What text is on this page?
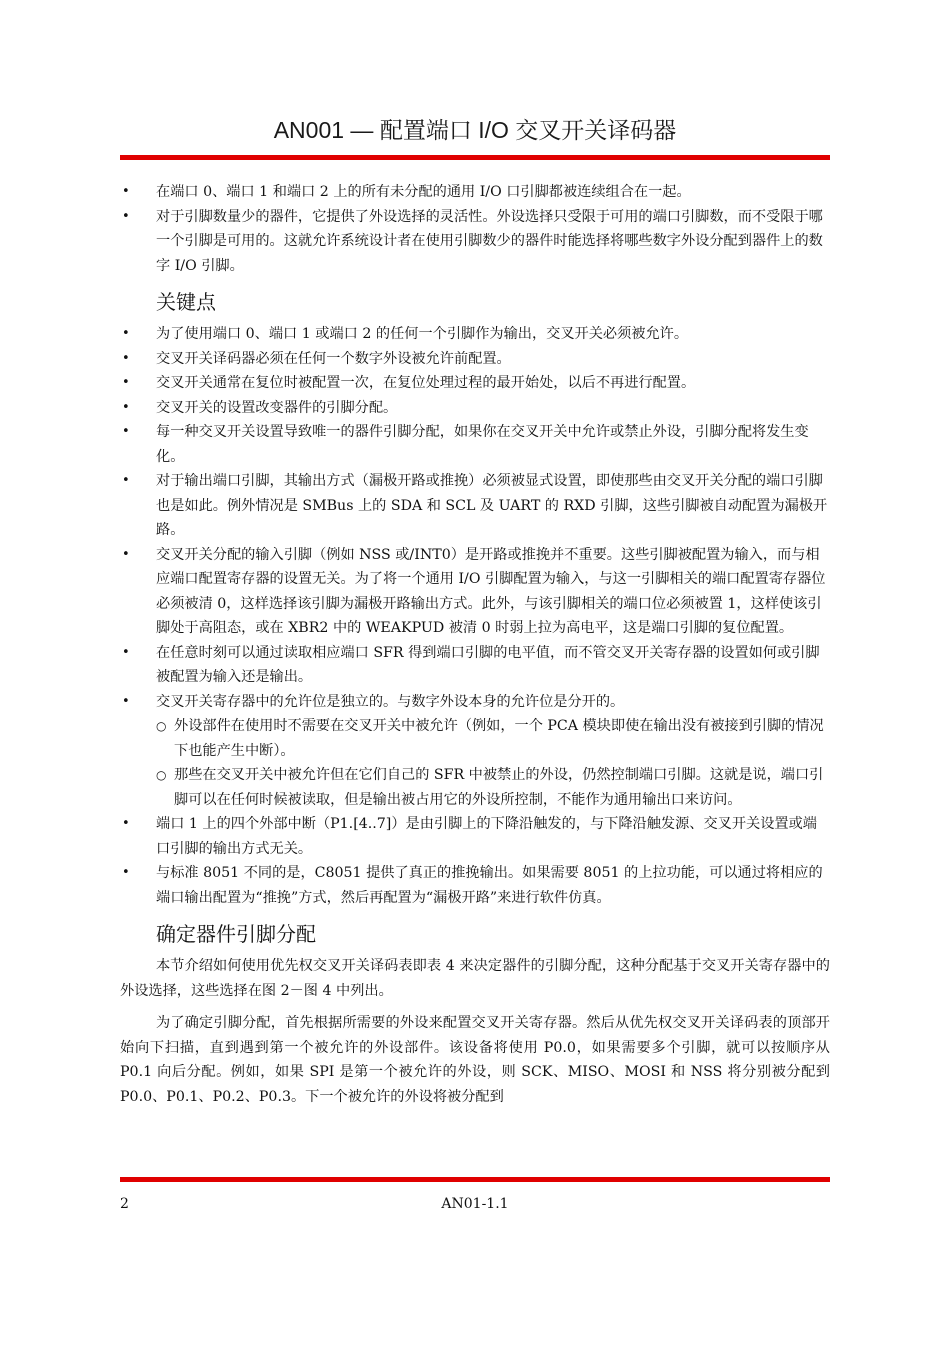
AN001 — 配置端口 I/O 交叉开关译码器
• 在端口 0、端口 1 和端口 2 上的所有未分配的通用 I/O 口引脚都被连续组合在一起。
• 对于引脚数量少的器件，它提供了外设选择的灵活性。外设选择只受限于可用的端口引脚数，而不受限于哪一个引脚是可用的。这就允许系统设计者在使用引脚数少的器件时能选择将哪些数字外设分配到器件上的数字 I/O 引脚。
关键点
• 为了使用端口 0、端口 1 或端口 2 的任何一个引脚作为输出，交叉开关必须被允许。
• 交叉开关译码器必须在任何一个数字外设被允许前配置。
• 交叉开关通常在复位时被配置一次，在复位处理过程的最开始处，以后不再进行配置。
• 交叉开关的设置改变器件的引脚分配。
• 每一种交叉开关设置导致唯一的器件引脚分配，如果你在交叉开关中允许或禁止外设，引脚分配将发生变化。
• 对于输出端口引脚，其输出方式（漏极开路或推挽）必须被显式设置，即使那些由交叉开关分配的端口引脚也是如此。例外情况是 SMBus 上的 SDA 和 SCL 及 UART 的 RXD 引脚，这些引脚被自动配置为漏极开路。
• 交叉开关分配的输入引脚（例如 NSS 或/INT0）是开路或推挽并不重要。这些引脚被配置为输入，而与相应端口配置寄存器的设置无关。为了将一个通用 I/O 引脚配置为输入，与这一引脚相关的端口配置寄存器位必须被清 0，这样选择该引脚为漏极开路输出方式。此外，与该引脚相关的端口位必须被置 1，这样使该引脚处于高阻态，或在 XBR2 中的 WEAKPUD 被清 0 时弱上拉为高电平，这是端口引脚的复位配置。
• 在任意时刻可以通过读取相应端口 SFR 得到端口引脚的电平值，而不管交叉开关寄存器的设置如何或引脚被配置为输入还是输出。
• 交叉开关寄存器中的允许位是独立的。与数字外设本身的允许位是分开的。
○ 外设部件在使用时不需要在交叉开关中被允许（例如，一个 PCA 模块即使在输出没有被接到引脚的情况下也能产生中断）。
○ 那些在交叉开关中被允许但在它们自己的 SFR 中被禁止的外设，仍然控制端口引脚。这就是说，端口引脚可以在任何时候被读取，但是输出被占用它的外设所控制，不能作为通用输出口来访问。
• 端口 1 上的四个外部中断（P1.[4..7]）是由引脚上的下降沿触发的，与下降沿触发源、交叉开关设置或端口引脚的输出方式无关。
• 与标准 8051 不同的是，C8051 提供了真正的推挽输出。如果需要 8051 的上拉功能，可以通过将相应的端口输出配置为“推挽”方式，然后再配置为“漏极开路”来进行软件仿真。
确定器件引脚分配

本节介绍如何使用优先权交叉开关译码表即表 4 来决定器件的引脚分配，这种分配基于交叉开关寄存器中的外设选择，这些选择在图 2－图 4 中列出。

为了确定引脚分配，首先根据所需要的外设来配置交叉开关寄存器。然后从优先权交叉开关译码表的顶部开始向下扫描，直到遇到第一个被允许的外设部件。该设备将使用 P0.0，如果需要多个引脚，就可以按顺序从 P0.1 向后分配。例如，如果 SPI 是第一个被允许的外设，则 SCK、MISO、MOSI 和 NSS 将分别被分配到 P0.0、P0.1、P0.2、P0.3。下一个被允许的外设将被分配到

AN01-1.1
2
